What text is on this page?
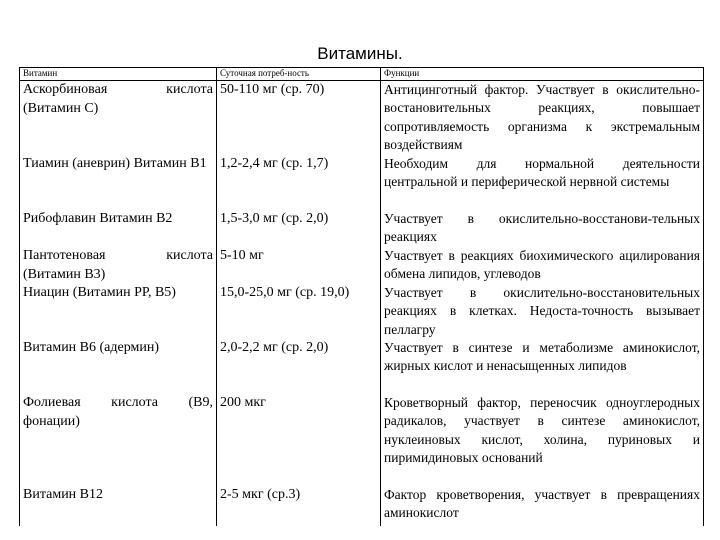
Витамины.
Витамин	Суточная потреб-ность	Функции
Аскорбиновая кислота (Витамин С)	50-110 мг (ср. 70)	Антицинготный фактор. Участвует в окислительно-востановительных реакциях, повышает сопротивляемость организма к экстремальным воздействиям
Тиамин (аневрин) Витамин В1	1,2-2,4 мг (ср. 1,7)	Необходим для нормальной деятельности центральной и периферической нервной системы
Рибофлавин Витамин В2	1,5-3,0 мг (ср. 2,0)	Участвует в окислительно-восстанови-тельных реакциях
Пантотеновая кислота (Витамин В3)	5-10 мг	Участвует в реакциях биохимического ацилирования обмена липидов, углеводов
Ниацин (Витамин РР, В5)	15,0-25,0 мг (ср. 19,0)	Участвует в окислительно-восстановительных реакциях в клетках. Недоста-точность вызывает пеллагру
Витамин В6 (адермин)	2,0-2,2 мг (ср. 2,0)	Участвует в синтезе и метаболизме аминокислот, жирных кислот и ненасыщенных липидов
Фолиевая кислота (В9, фонации)	200 мкг	Кроветворный фактор, переносчик одноуглеродных радикалов, участвует в синтезе аминокислот, нуклеиновых кислот, холина, пуриновых и пиримидиновых оснований
Витамин В12	2-5 мкг (ср.3)	Фактор кроветворения, участвует в превращениях аминокислот
